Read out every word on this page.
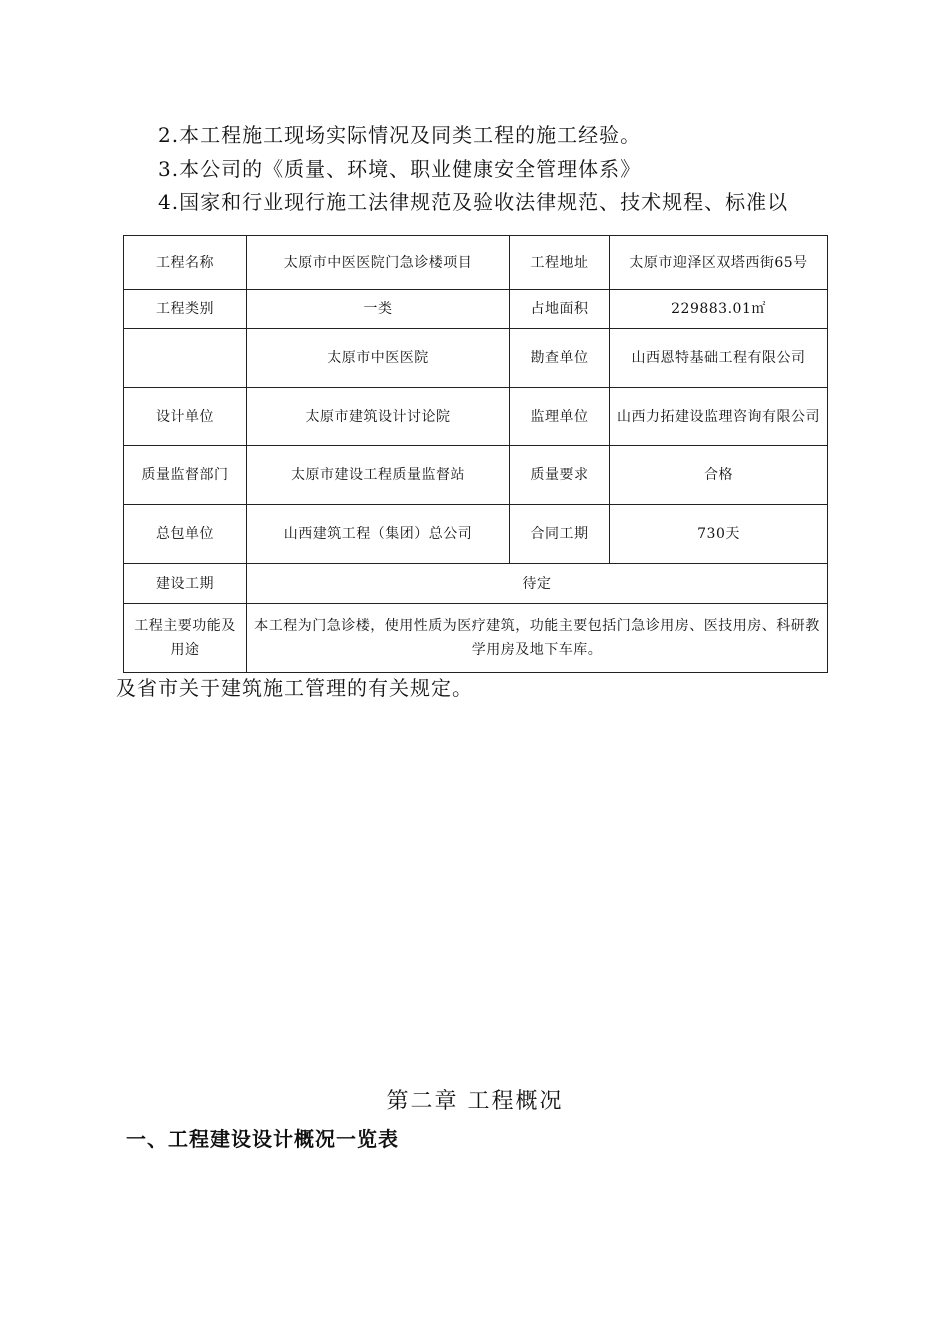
2.本工程施工现场实际情况及同类工程的施工经验。
3.本公司的《质量、环境、职业健康安全管理体系》
4.国家和行业现行施工法律规范及验收法律规范、技术规程、标准以
工程名称	太原市中医医院门急诊楼项目	工程地址	太原市迎泽区双塔西街65号
工程类别	一类	占地面积	229883.01㎡
	太原市中医医院	勘查单位	山西恩特基础工程有限公司
设计单位	太原市建筑设计讨论院	监理单位	山西力拓建设监理咨询有限公司
质量监督部门	太原市建设工程质量监督站	质量要求	合格
总包单位	山西建筑工程（集团）总公司	合同工期	730天
建设工期	待定		
工程主要功能及用途	本工程为门急诊楼，使用性质为医疗建筑，功能主要包括门急诊用房、医技用房、科研教学用房及地下车库。		
及省市关于建筑施工管理的有关规定。
第二章 工程概况
一、工程建设设计概况一览表
